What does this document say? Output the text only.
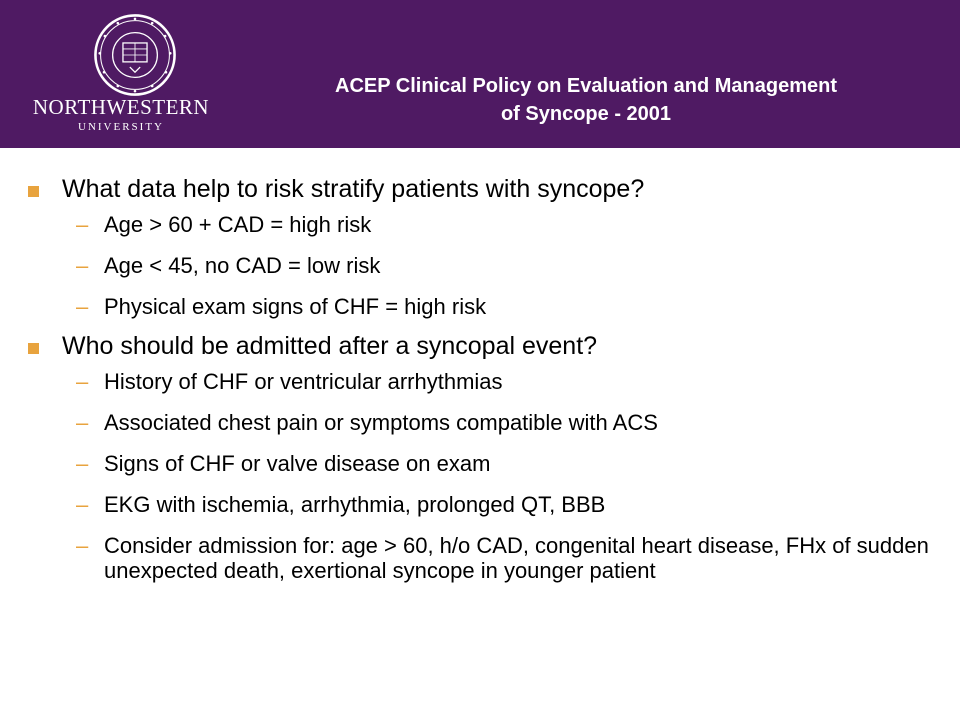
NORTHWESTERN
UNIVERSITY
ACEP Clinical Policy on Evaluation and Management
of Syncope - 2001
What data help to risk stratify patients with syncope?
– Age > 60 + CAD = high risk
– Age < 45, no CAD = low risk
– Physical exam signs of CHF = high risk
Who should be admitted after a syncopal event?
– History of CHF or ventricular arrhythmias
– Associated chest pain or symptoms compatible with ACS
– Signs of CHF or valve disease on exam
– EKG with ischemia, arrhythmia, prolonged QT, BBB
– Consider admission for: age > 60, h/o CAD, congenital heart disease, FHx of sudden unexpected death, exertional syncope in younger patient
